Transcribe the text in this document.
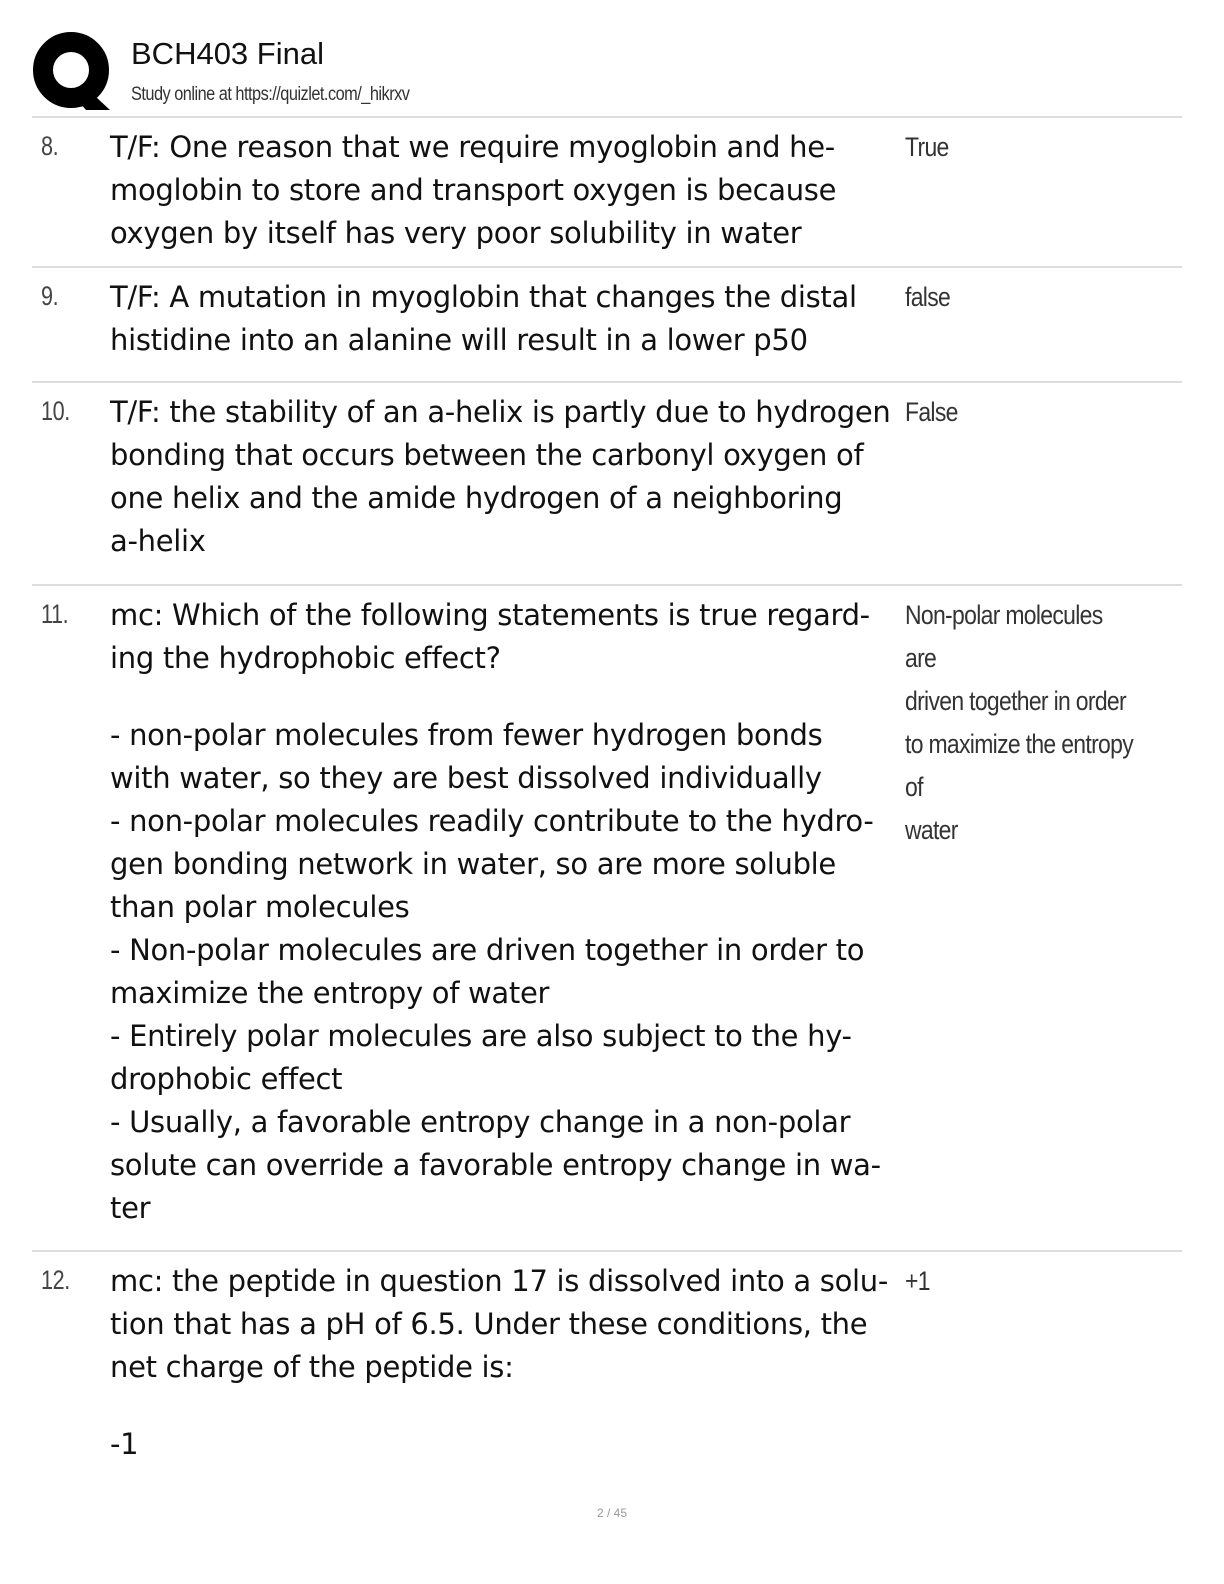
BCH403 Final
Study online at https://quizlet.com/_hikrxv
8. T/F: One reason that we require myoglobin and he-

moglobin to store and transport oxygen is because

oxygen by itself has very poor solubility in water

True
9. T/F: A mutation in myoglobin that changes the distal

histidine into an alanine will result in a lower p50

false
10. T/F: the stability of an a-helix is partly due to hydrogen

bonding that occurs between the carbonyl oxygen of

one helix and the amide hydrogen of a neighboring

a-helix

False
11. mc: Which of the following statements is true regard-

ing the hydrophobic effect?

- non-polar molecules from fewer hydrogen bonds

with water, so they are best dissolved individually

- non-polar molecules readily contribute to the hydro-

gen bonding network in water, so are more soluble

than polar molecules

- Non-polar molecules are driven together in order to

maximize the entropy of water

- Entirely polar molecules are also subject to the hy-

drophobic effect

- Usually, a favorable entropy change in a non-polar

solute can override a favorable entropy change in wa-

ter

Non-polar molecules are
driven together in order
to maximize the entropy of
water
12. mc: the peptide in question 17 is dissolved into a solu-

tion that has a pH of 6.5. Under these conditions, the

net charge of the peptide is:

-1

+1
2 / 45
